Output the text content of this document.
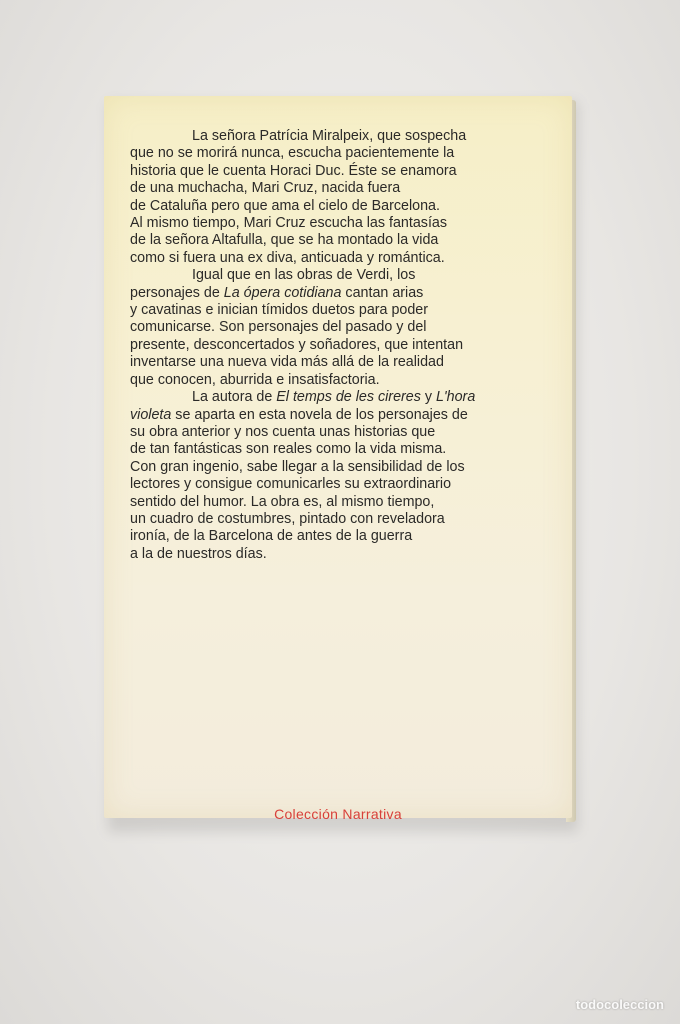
La señora Patrícia Miralpeix, que sospecha
que no se morirá nunca, escucha pacientemente la
historia que le cuenta Horaci Duc. Éste se enamora
de una muchacha, Mari Cruz, nacida fuera
de Cataluña pero que ama el cielo de Barcelona.
Al mismo tiempo, Mari Cruz escucha las fantasías
de la señora Altafulla, que se ha montado la vida
como si fuera una ex diva, anticuada y romántica.
Igual que en las obras de Verdi, los
personajes de La ópera cotidiana cantan arias
y cavatinas e inician tímidos duetos para poder
comunicarse. Son personajes del pasado y del
presente, desconcertados y soñadores, que intentan
inventarse una nueva vida más allá de la realidad
que conocen, aburrida e insatisfactoria.
La autora de El temps de les cireres y L'hora
violeta se aparta en esta novela de los personajes de
su obra anterior y nos cuenta unas historias que
de tan fantásticas son reales como la vida misma.
Con gran ingenio, sabe llegar a la sensibilidad de los
lectores y consigue comunicarles su extraordinario
sentido del humor. La obra es, al mismo tiempo,
un cuadro de costumbres, pintado con reveladora
ironía, de la Barcelona de antes de la guerra
a la de nuestros días.
Colección Narrativa
todocoleccion
